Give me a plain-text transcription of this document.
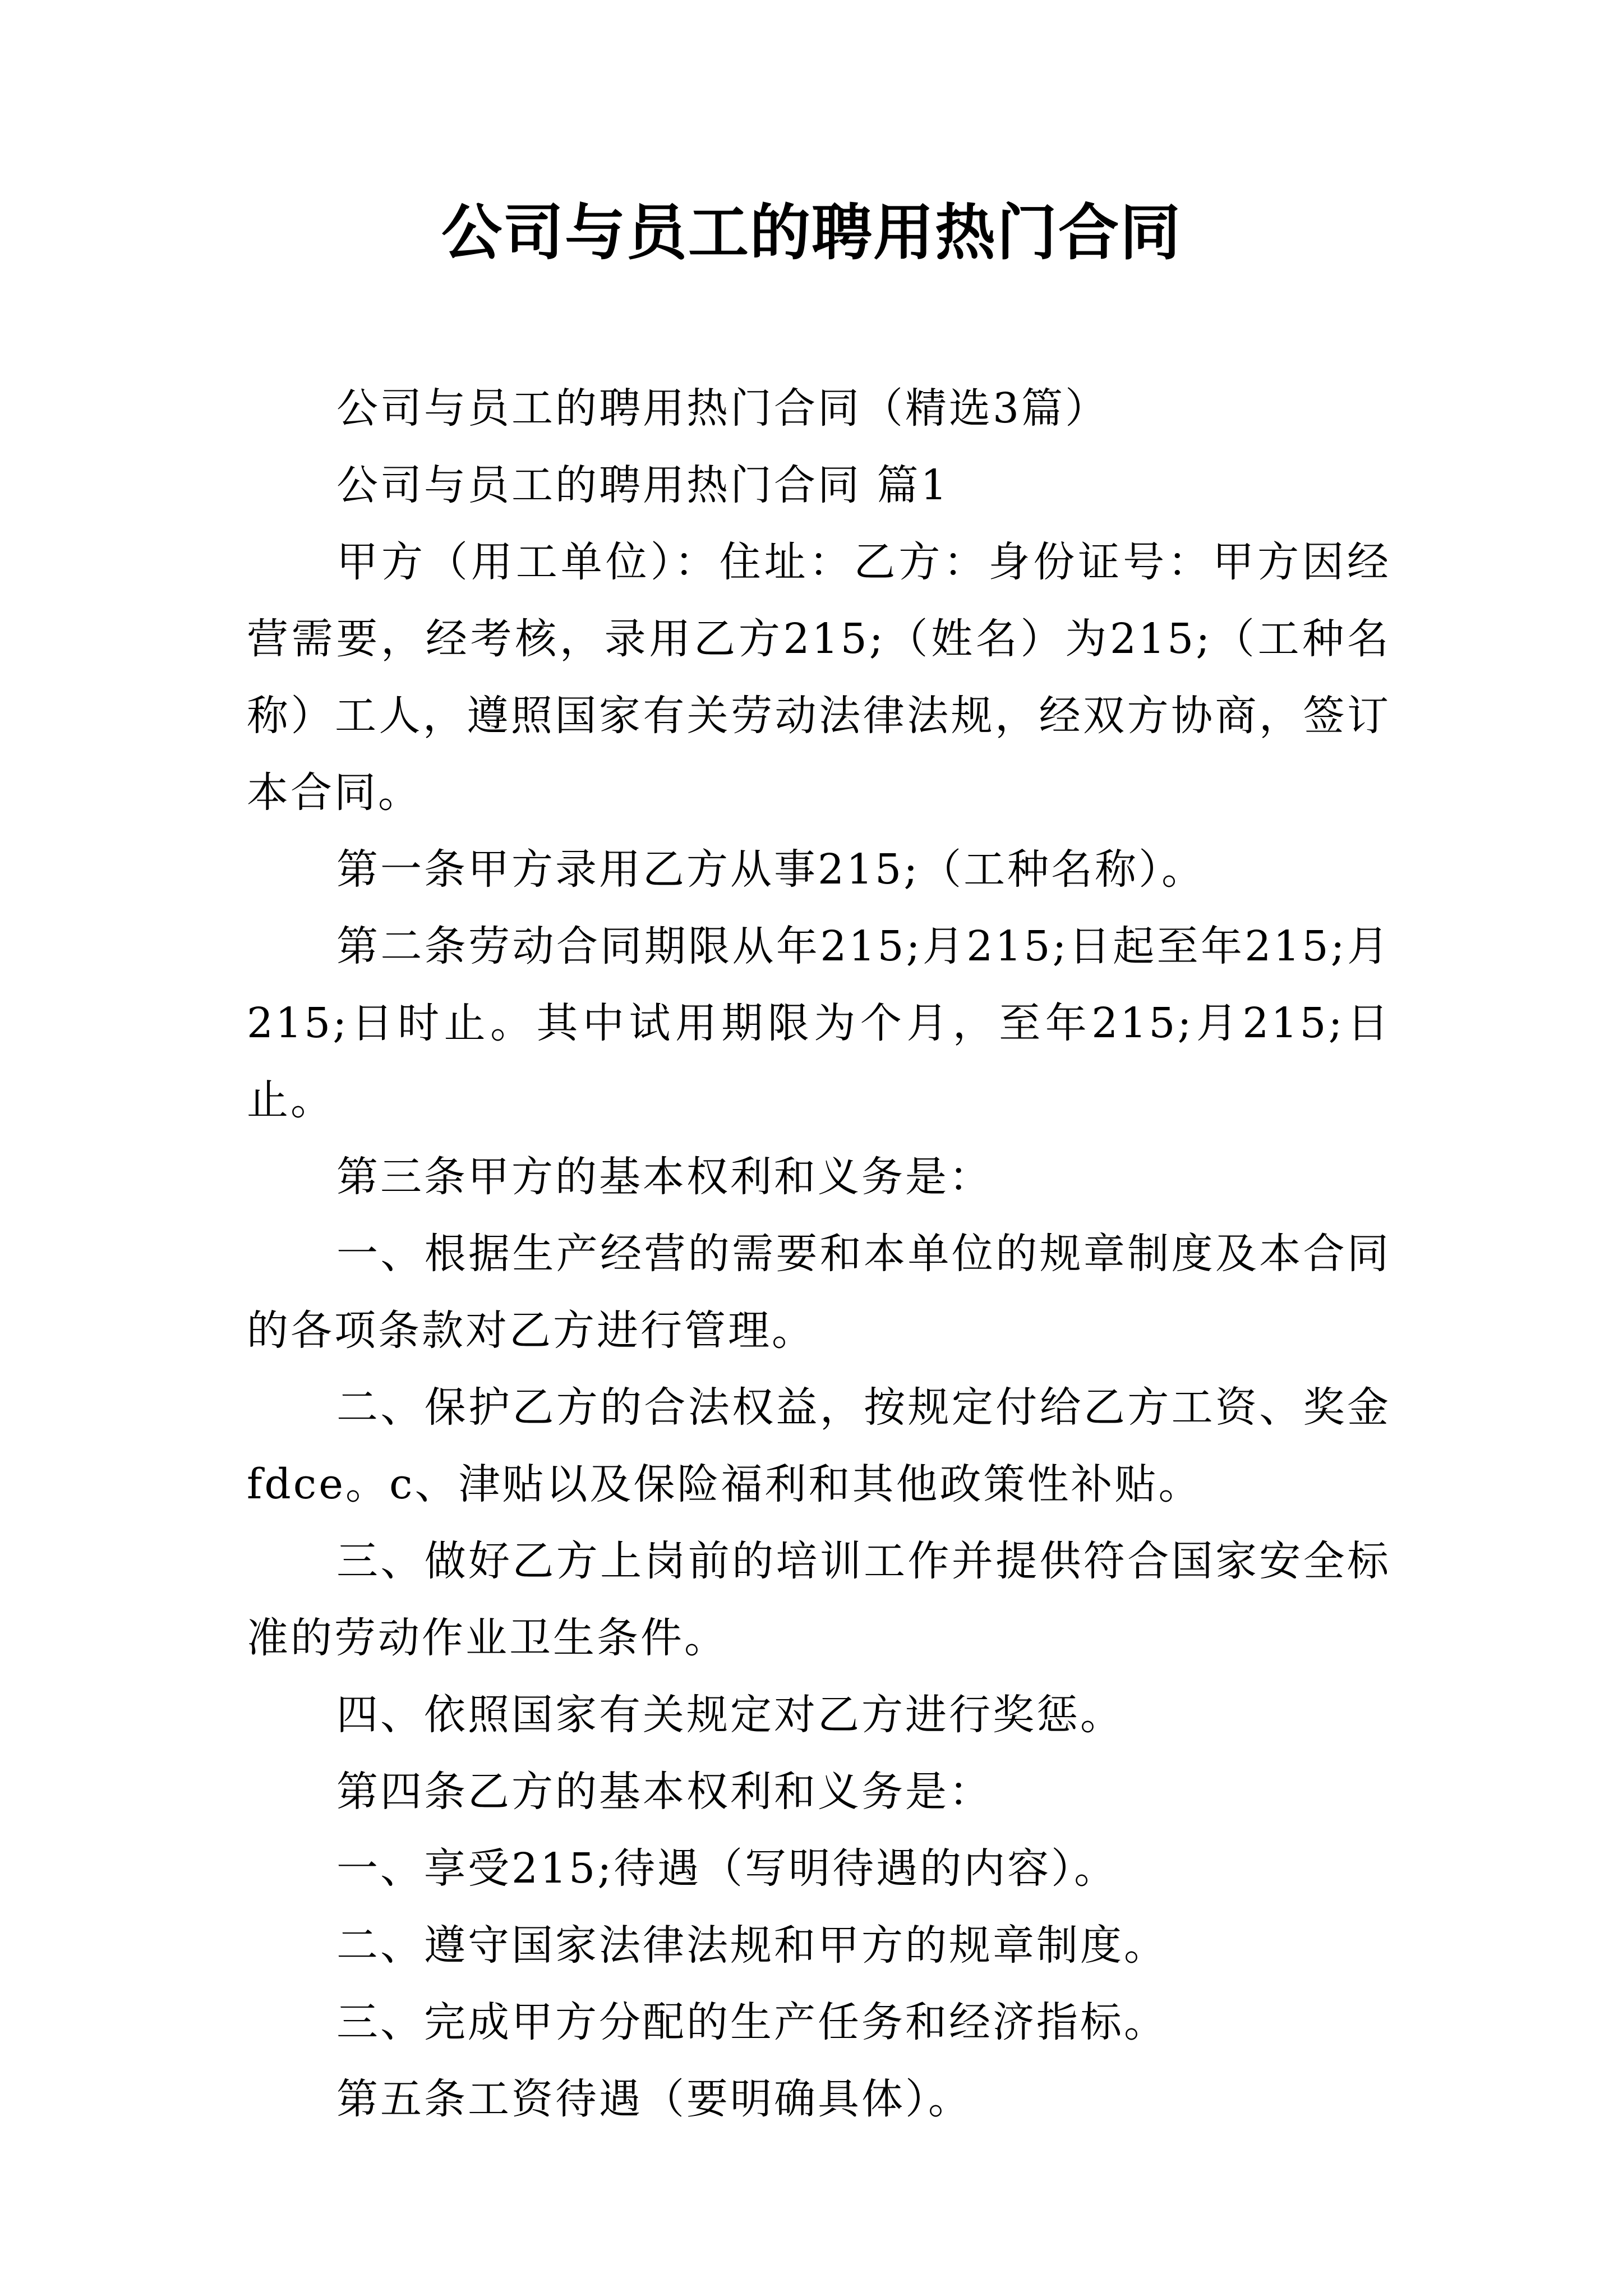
公司与员工的聘用热门合同

公司与员工的聘用热门合同（精选3篇）

公司与员工的聘用热门合同 篇1

甲方（用工单位）：住址：乙方：身份证号：甲方因经营需要，经考核，录用乙方215;（姓名）为215;（工种名称）工人，遵照国家有关劳动法律法规，经双方协商，签订本合同。

第一条甲方录用乙方从事215;（工种名称）。

第二条劳动合同期限从年215;月215;日起至年215;月215;日时止。其中试用期限为个月，至年215;月215;日止。

第三条甲方的基本权利和义务是：

一、根据生产经营的需要和本单位的规章制度及本合同的各项条款对乙方进行管理。

二、保护乙方的合法权益，按规定付给乙方工资、奖金fdce。c、津贴以及保险福利和其他政策性补贴。

三、做好乙方上岗前的培训工作并提供符合国家安全标准的劳动作业卫生条件。

四、依照国家有关规定对乙方进行奖惩。

第四条乙方的基本权利和义务是：

一、享受215;待遇（写明待遇的内容）。

二、遵守国家法律法规和甲方的规章制度。

三、完成甲方分配的生产任务和经济指标。

第五条工资待遇（要明确具体）。
